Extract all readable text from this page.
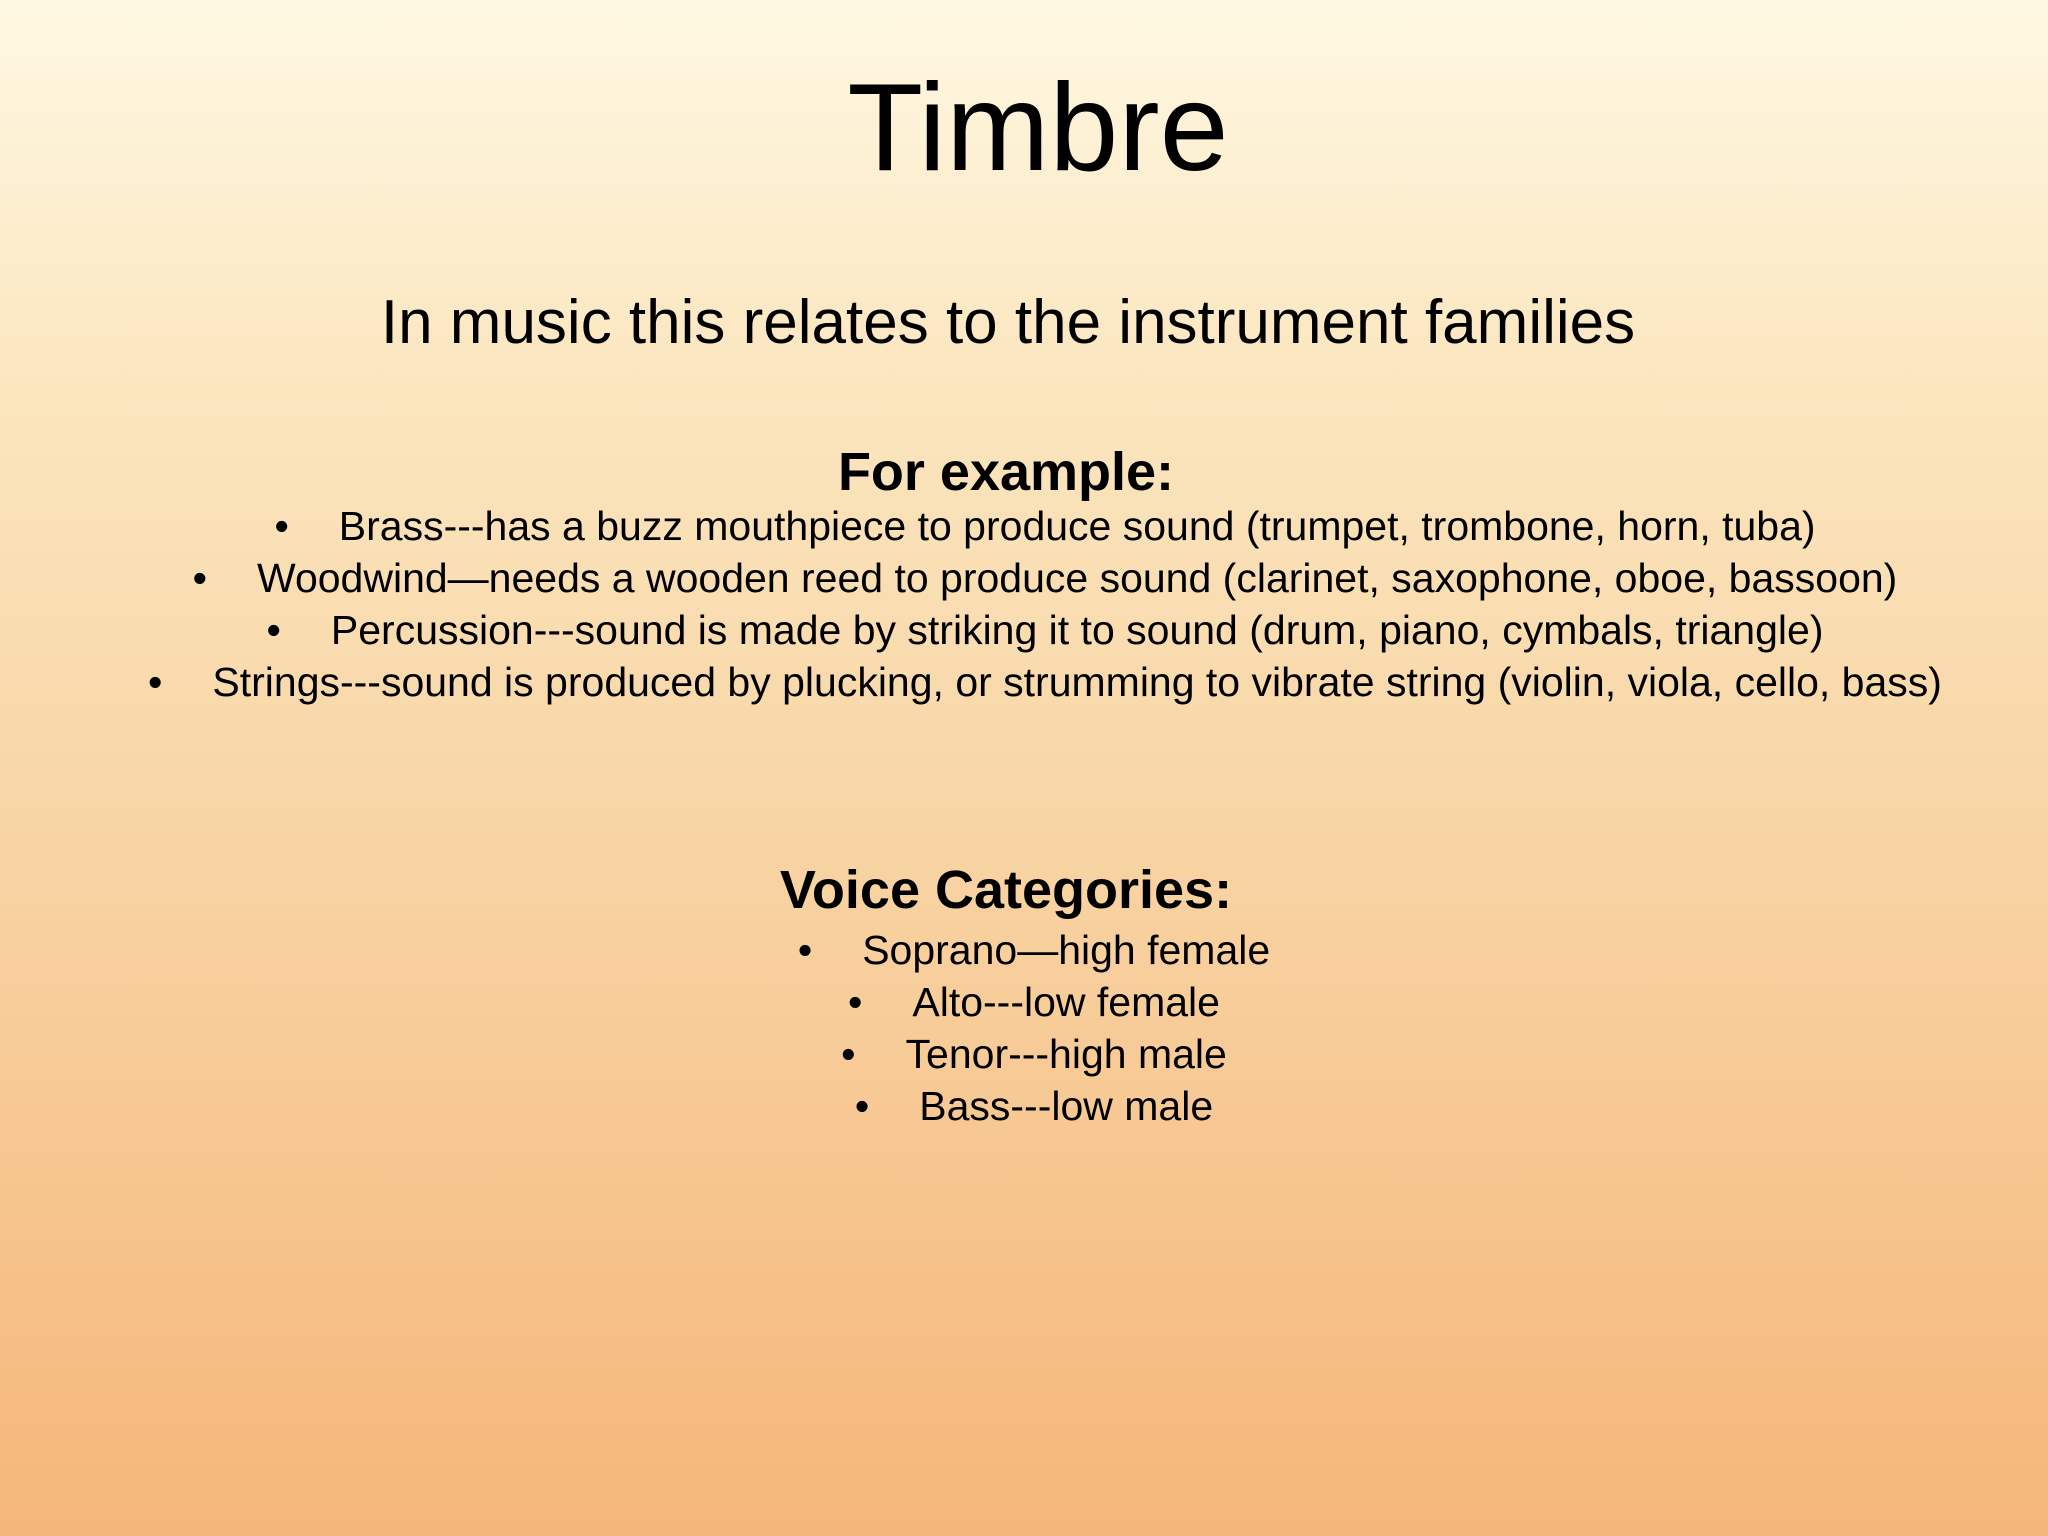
Timbre

In music this relates to the instrument families

For example:
• Brass---has a buzz mouthpiece to produce sound (trumpet, trombone, horn, tuba)
• Woodwind—needs a wooden reed to produce sound (clarinet, saxophone, oboe, bassoon)
• Percussion---sound is made by striking it to sound (drum, piano, cymbals, triangle)
• Strings---sound is produced by plucking, or strumming to vibrate string (violin, viola, cello, bass)
Voice Categories:
• Soprano—high female
• Alto---low female
• Tenor---high male
• Bass---low male
